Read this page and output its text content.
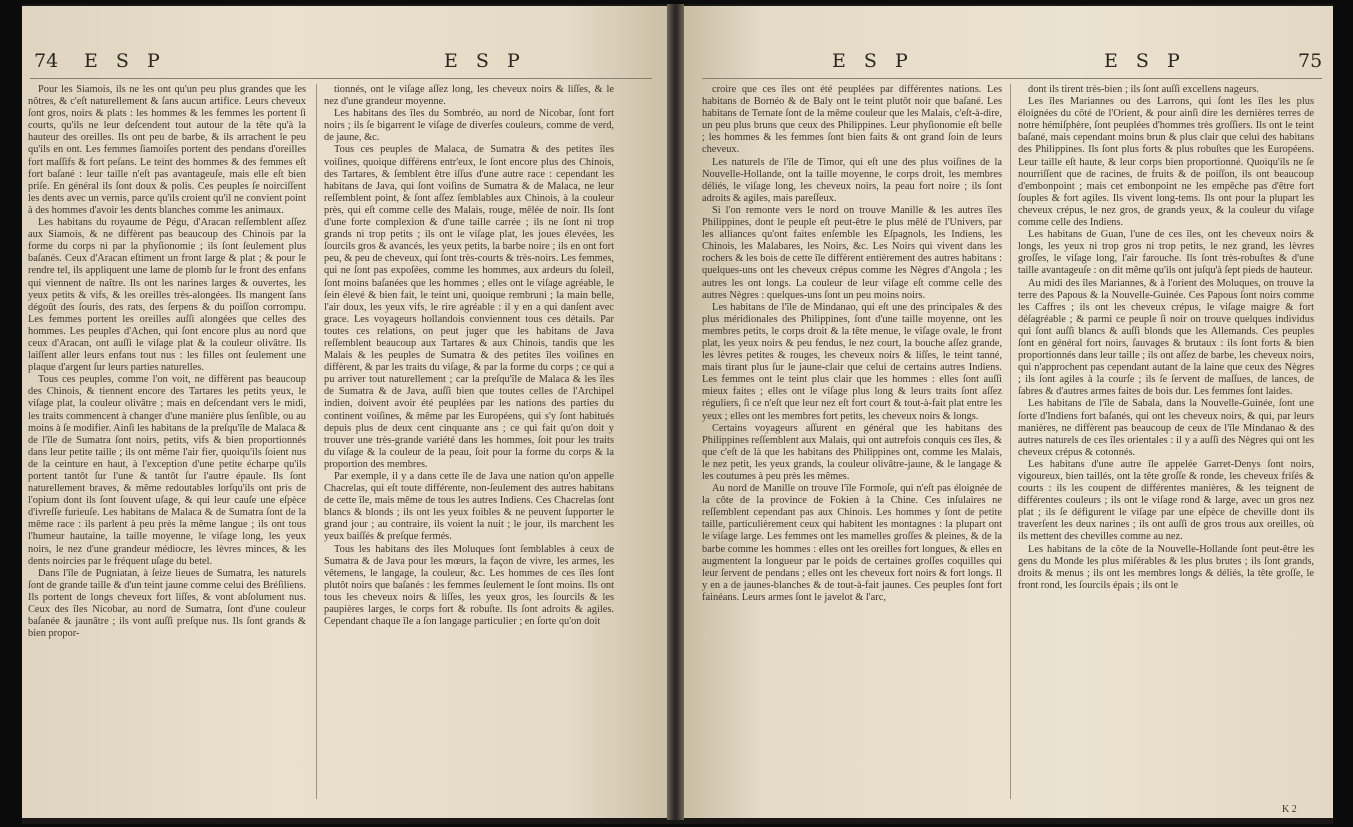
74 E S P	E S P

Pour les Siamois, ils ne les ont qu'un peu plus grandes que les nôtres, & c'eſt naturellement & ſans aucun artifice. Leurs cheveux ſont gros, noirs & plats : les hommes & les femmes les portent ſi courts, qu'ils ne leur deſcendent tout autour de la tête qu'à la hauteur des oreilles. Ils ont peu de barbe, & ils arrachent le peu qu'ils en ont. Les femmes ſiamoiſes portent des pendans d'oreilles fort maſſifs & fort peſans. Le teint des hommes & des femmes eſt fort baſané : leur taille n'eſt pas avantageuſe, mais elle eſt bien priſe. En général ils ſont doux & polis. Ces peuples ſe noirciſſent les dents avec un vernis, parce qu'ils croient qu'il ne convient point à des hommes d'avoir les dents blanches comme les animaux.

Les habitans du royaume de Pégu, d'Aracan reſſemblent aſſez aux Siamois, & ne diffèrent pas beaucoup des Chinois par la forme du corps ni par la phyſionomie ; ils ſont ſeulement plus baſanés. Ceux d'Aracan eſtiment un front large & plat ; & pour le rendre tel, ils appliquent une lame de plomb ſur le front des enfans qui viennent de naître. Ils ont les narines larges & ouvertes, les yeux petits & vifs, & les oreilles très-alongées. Ils mangent ſans dégoût des ſouris, des rats, des ſerpens & du poiſſon corrompu. Les femmes portent les oreilles auſſi alongées que celles des hommes. Les peuples d'Achen, qui ſont encore plus au nord que ceux d'Aracan, ont auſſi le viſage plat & la couleur olivâtre. Ils laiſſent aller leurs enfans tout nus : les filles ont ſeulement une plaque d'argent ſur leurs parties naturelles.

Tous ces peuples, comme l'on voit, ne diffèrent pas beaucoup des Chinois, & tiennent encore des Tartares les petits yeux, le viſage plat, la couleur olivâtre ; mais en deſcendant vers le midi, les traits commencent à changer d'une manière plus ſenſible, ou au moins à ſe modifier. Ainſi les habitans de la preſqu'île de Malaca & de l'île de Sumatra ſont noirs, petits, vifs & bien proportionnés dans leur petite taille ; ils ont même l'air fier, quoiqu'ils ſoient nus de la ceinture en haut, à l'exception d'une petite écharpe qu'ils portent tantôt ſur l'une & tantôt ſur l'autre épaule. Ils ſont naturellement braves, & même redoutables lorſqu'ils ont pris de l'opium dont ils ſont ſouvent uſage, & qui leur cauſe une eſpèce d'ivreſſe furieuſe. Les habitans de Malaca & de Sumatra ſont de la même race : ils parlent à peu près la même langue ; ils ont tous l'humeur hautaine, la taille moyenne, le viſage long, les yeux noirs, le nez d'une grandeur médiocre, les lèvres minces, & les dents noircies par le fréquent uſage du betel.

Dans l'île de Pugniatan, à ſeize lieues de Sumatra, les naturels ſont de grande taille & d'un teint jaune comme celui des Bréſiliens. Ils portent de longs cheveux fort liſſes, & vont abſolument nus. Ceux des îles Nicobar, au nord de Sumatra, ſont d'une couleur baſanée & jaunâtre ; ils vont auſſi preſque nus. Ils ſont grands & bien propor-

tionnés, ont le viſage aſſez long, les cheveux noirs & liſſes, & le nez d'une grandeur moyenne.

Les habitans des îles du Sombréo, au nord de Nicobar, ſont fort noirs ; ils ſe bigarrent le viſage de diverſes couleurs, comme de verd, de jaune, &c.

Tous ces peuples de Malaca, de Sumatra & des petites îles voiſines, quoique différens entr'eux, le ſont encore plus des Chinois, des Tartares, & ſemblent être iſſus d'une autre race : cependant les habitans de Java, qui ſont voiſins de Sumatra & de Malaca, ne leur reſſemblent point, & ſont aſſez ſemblables aux Chinois, à la couleur près, qui eſt comme celle des Malais, rouge, mêlée de noir. Ils ſont d'une forte complexion & d'une taille carrée ; ils ne ſont ni trop grands ni trop petits ; ils ont le viſage plat, les joues élevées, les ſourcils gros & avancés, les yeux petits, la barbe noire ; ils en ont fort peu, & peu de cheveux, qui ſont très-courts & très-noirs. Les femmes, qui ne ſont pas expoſées, comme les hommes, aux ardeurs du ſoleil, ſont moins baſanées que les hommes ; elles ont le viſage agréable, le ſein élevé & bien fait, le teint uni, quoique rembruni ; la main belle, l'air doux, les yeux vifs, le rire agréable : il y en a qui danſent avec grace. Les voyageurs hollandois conviennent tous ces détails. Par toutes ces relations, on peut juger que les habitans de Java reſſemblent beaucoup aux Tartares & aux Chinois, tandis que les Malais & les peuples de Sumatra & des petites îles voiſines en diffèrent, & par les traits du viſage, & par la forme du corps ; ce qui a pu arriver tout naturellement ; car la preſqu'île de Malaca & les îles de Sumatra & de Java, auſſi bien que toutes celles de l'Archipel indien, doivent avoir été peuplées par les nations des parties du continent voiſines, & même par les Européens, qui s'y ſont habitués depuis plus de deux cent cinquante ans ; ce qui fait qu'on doit y trouver une très-grande variété dans les hommes, ſoit pour les traits du viſage & la couleur de la peau, ſoit pour la forme du corps & la proportion des membres.

Par exemple, il y a dans cette île de Java une nation qu'on appelle Chacrelas, qui eſt toute différente, non-ſeulement des autres habitans de cette île, mais même de tous les autres Indiens. Ces Chacrelas ſont blancs & blonds ; ils ont les yeux foibles & ne peuvent ſupporter le grand jour ; au contraire, ils voient la nuit ; le jour, ils marchent les yeux baiſſés & preſque fermés.

Tous les habitans des îles Moluques ſont ſemblables à ceux de Sumatra & de Java pour les mœurs, la façon de vivre, les armes, les vêtemens, le langage, la couleur, &c. Les hommes de ces îles ſont plutôt noirs que baſanés : les femmes ſeulement le ſont moins. Ils ont tous les cheveux noirs & liſſes, les yeux gros, les ſourcils & les paupières larges, le corps fort & robuſte. Ils ſont adroits & agiles. Cependant chaque île a ſon langage particulier ; en ſorte qu'on doit

E S P	E S P	75

croire que ces îles ont été peuplées par différentes nations. Les habitans de Bornéo & de Baly ont le teint plutôt noir que baſané. Les habitans de Ternate ſont de la même couleur que les Malais, c'eſt-à-dire, un peu plus bruns que ceux des Philippines. Leur phyſionomie eſt belle ; les hommes & les femmes ſont bien faits & ont grand ſoin de leurs cheveux.

Les naturels de l'île de Timor, qui eſt une des plus voiſines de la Nouvelle-Hollande, ont la taille moyenne, le corps droit, les membres déliés, le viſage long, les cheveux noirs, la peau fort noire ; ils ſont adroits & agiles, mais pareſſeux.

Si l'on remonte vers le nord on trouve Manille & les autres îles Philippines, dont le peuple eſt peut-être le plus mêlé de l'Univers, par les alliances qu'ont faites enſemble les Eſpagnols, les Indiens, les Chinois, les Malabares, les Noirs, &c. Les Noirs qui vivent dans les rochers & les bois de cette île diffèrent entièrement des autres habitans : quelques-uns ont les cheveux crépus comme les Nègres d'Angola ; les autres les ont longs. La couleur de leur viſage eſt comme celle des autres Nègres : quelques-uns ſont un peu moins noirs.

Les habitans de l'île de Mindanao, qui eſt une des principales & des plus méridionales des Philippines, ſont d'une taille moyenne, ont les membres petits, le corps droit & la tête menue, le viſage ovale, le front plat, les yeux noirs & peu fendus, le nez court, la bouche aſſez grande, les lèvres petites & rouges, les cheveux noirs & liſſes, le teint tanné, mais tirant plus ſur le jaune-clair que celui de certains autres Indiens. Les femmes ont le teint plus clair que les hommes : elles ſont auſſi mieux faites ; elles ont le viſage plus long & leurs traits ſont aſſez réguliers, ſi ce n'eſt que leur nez eſt fort court & tout-à-fait plat entre les yeux ; elles ont les membres fort petits, les cheveux noirs & longs.

Certains voyageurs aſſurent en général que les habitans des Philippines reſſemblent aux Malais, qui ont autrefois conquis ces îles, & que c'eſt de là que les habitans des Philippines ont, comme les Malais, le nez petit, les yeux grands, la couleur olivâtre-jaune, & le langage & les coutumes à peu près les mêmes.

Au nord de Manille on trouve l'île Formoſe, qui n'eſt pas éloignée de la côte de la province de Fokien à la Chine. Ces inſulaires ne reſſemblent cependant pas aux Chinois. Les hommes y ſont de petite taille, particulièrement ceux qui habitent les montagnes : la plupart ont le viſage large. Les femmes ont les mamelles groſſes & pleines, & de la barbe comme les hommes : elles ont les oreilles fort longues, & elles en augmentent la longueur par le poids de certaines groſſes coquilles qui leur ſervent de pendans ; elles ont les cheveux fort noirs & fort longs. Il y en a de jaunes-blanches & de tout-à-fait jaunes. Ces peuples ſont fort fainéans. Leurs armes ſont le javelot & l'arc,

dont ils tirent très-bien ; ils ſont auſſi excellens nageurs.

Les îles Mariannes ou des Larrons, qui ſont les îles les plus éloignées du côté de l'Orient, & pour ainſi dire les dernières terres de notre hémiſphère, ſont peuplées d'hommes très groſſiers. Ils ont le teint baſané, mais cependant moins brun & plus clair que celui des habitans des Philippines. Ils ſont plus forts & plus robuſtes que les Européens. Leur taille eſt haute, & leur corps bien proportionné. Quoiqu'ils ne ſe nourriſſent que de racines, de fruits & de poiſſon, ils ont beaucoup d'embonpoint ; mais cet embonpoint ne les empêche pas d'être fort ſouples & fort agiles. Ils vivent long-tems. Ils ont pour la plupart les cheveux crépus, le nez gros, de grands yeux, & la couleur du viſage comme celle des Indiens.

Les habitans de Guan, l'une de ces îles, ont les cheveux noirs & longs, les yeux ni trop gros ni trop petits, le nez grand, les lèvres groſſes, le viſage long, l'air farouche. Ils ſont très-robuſtes & d'une taille avantageuſe : on dit même qu'ils ont juſqu'à ſept pieds de hauteur.

Au midi des îles Mariannes, & à l'orient des Moluques, on trouve la terre des Papous & la Nouvelle-Guinée. Ces Papous ſont noirs comme les Caffres ; ils ont les cheveux crépus, le viſage maigre & fort déſagréable ; & parmi ce peuple ſi noir on trouve quelques individus qui ſont auſſi blancs & auſſi blonds que les Allemands. Ces peuples ſont en général fort noirs, ſauvages & brutaux : ils ſont forts & bien proportionnés dans leur taille ; ils ont aſſez de barbe, les cheveux noirs, qui n'approchent pas cependant autant de la laine que ceux des Nègres ; ils ſont agiles à la courſe ; ils ſe ſervent de maſſues, de lances, de ſabres & d'autres armes faites de bois dur. Les femmes ſont laides.

Les habitans de l'île de Sabala, dans la Nouvelle-Guinée, ſont une ſorte d'Indiens fort baſanés, qui ont les cheveux noirs, & qui, par leurs manières, ne diffèrent pas beaucoup de ceux de l'île Mindanao & des autres naturels de ces îles orientales : il y a auſſi des Nègres qui ont les cheveux crépus & cotonnés.

Les habitans d'une autre île appelée Garret-Denys ſont noirs, vigoureux, bien taillés, ont la tête groſſe & ronde, les cheveux friſés & courts : ils les coupent de différentes manières, & les teignent de différentes couleurs ; ils ont le viſage rond & large, avec un gros nez plat ; ils ſe défigurent le viſage par une eſpèce de cheville dont ils traverſent les deux narines ; ils ont auſſi de gros trous aux oreilles, où ils mettent des chevilles comme au nez.

Les habitans de la côte de la Nouvelle-Hollande ſont peut-être les gens du Monde les plus miſérables & les plus brutes ; ils ſont grands, droits & menus ; ils ont les membres longs & déliés, la tête groſſe, le front rond, les ſourcils épais ; ils ont le

K 2
